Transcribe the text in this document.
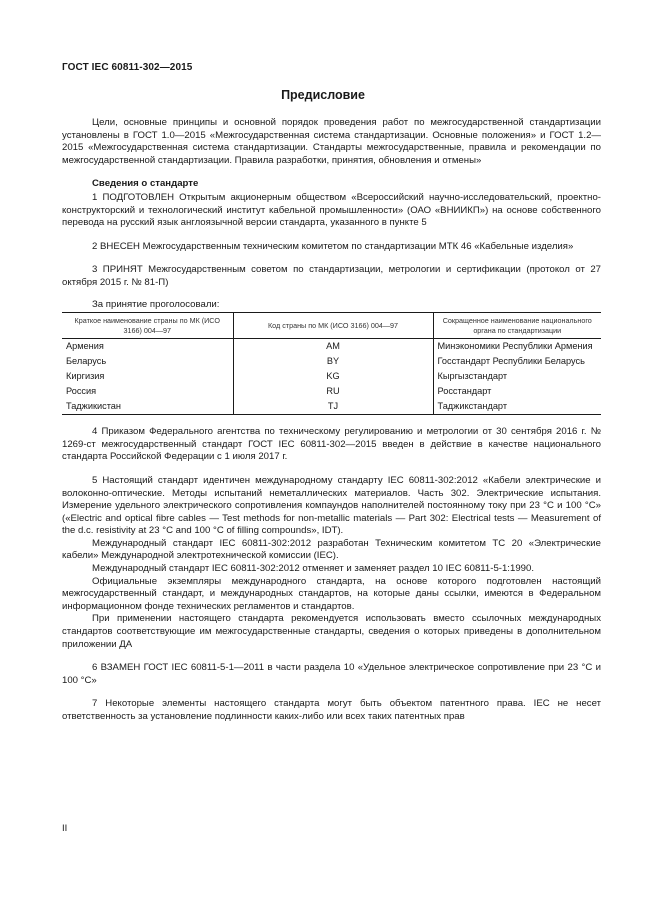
ГОСТ IEC 60811-302—2015
Предисловие

Цели, основные принципы и основной порядок проведения работ по межгосударственной стандартизации установлены в ГОСТ 1.0—2015 «Межгосударственная система стандартизации. Основные положения» и ГОСТ 1.2—2015 «Межгосударственная система стандартизации. Стандарты межгосударственные, правила и рекомендации по межгосударственной стандартизации. Правила разработки, принятия, обновления и отмены»

Сведения о стандарте

1 ПОДГОТОВЛЕН Открытым акционерным обществом «Всероссийский научно-исследовательский, проектно-конструкторский и технологический институт кабельной промышленности» (ОАО «ВНИИКП») на основе собственного перевода на русский язык англоязычной версии стандарта, указанного в пункте 5

2 ВНЕСЕН Межгосударственным техническим комитетом по стандартизации МТК 46 «Кабельные изделия»

3 ПРИНЯТ Межгосударственным советом по стандартизации, метрологии и сертификации (протокол от 27 октября 2015 г. № 81-П)

За принятие проголосовали:

Краткое наименование страны по МК (ИСО 3166) 004—97	Код страны по МК (ИСО 3166) 004—97	Сокращенное наименование национального органа по стандартизации
Армения	AM	Минэкономики Республики Армения
Беларусь	BY	Госстандарт Республики Беларусь
Киргизия	KG	Кыргызстандарт
Россия	RU	Росстандарт
Таджикистан	TJ	Таджикстандарт

4 Приказом Федерального агентства по техническому регулированию и метрологии от 30 сентября 2016 г. № 1269-ст межгосударственный стандарт ГОСТ IEC 60811-302—2015 введен в действие в качестве национального стандарта Российской Федерации с 1 июля 2017 г.

5 Настоящий стандарт идентичен международному стандарту IEC 60811-302:2012 «Кабели электрические и волоконно-оптические. Методы испытаний неметаллических материалов. Часть 302. Электрические испытания. Измерение удельного электрического сопротивления компаундов наполнителей постоянному току при 23 °С и 100 °С» («Electric and optical fibre cables — Test methods for non-metallic materials — Part 302: Electrical tests — Measurement of the d.c. resistivity at 23 °C and 100 °C of filling compounds», IDT).

Международный стандарт IEC 60811-302:2012 разработан Техническим комитетом ТС 20 «Электрические кабели» Международной электротехнической комиссии (IEC).

Международный стандарт IEC 60811-302:2012 отменяет и заменяет раздел 10 IEC 60811-5-1:1990.

Официальные экземпляры международного стандарта, на основе которого подготовлен настоящий межгосударственный стандарт, и международных стандартов, на которые даны ссылки, имеются в Федеральном информационном фонде технических регламентов и стандартов.

При применении настоящего стандарта рекомендуется использовать вместо ссылочных международных стандартов соответствующие им межгосударственные стандарты, сведения о которых приведены в дополнительном приложении ДА

6 ВЗАМЕН ГОСТ IEC 60811-5-1—2011 в части раздела 10 «Удельное электрическое сопротивление при 23 °С и 100 °С»

7 Некоторые элементы настоящего стандарта могут быть объектом патентного права. IEC не несет ответственность за установление подлинности каких-либо или всех таких патентных прав

II
